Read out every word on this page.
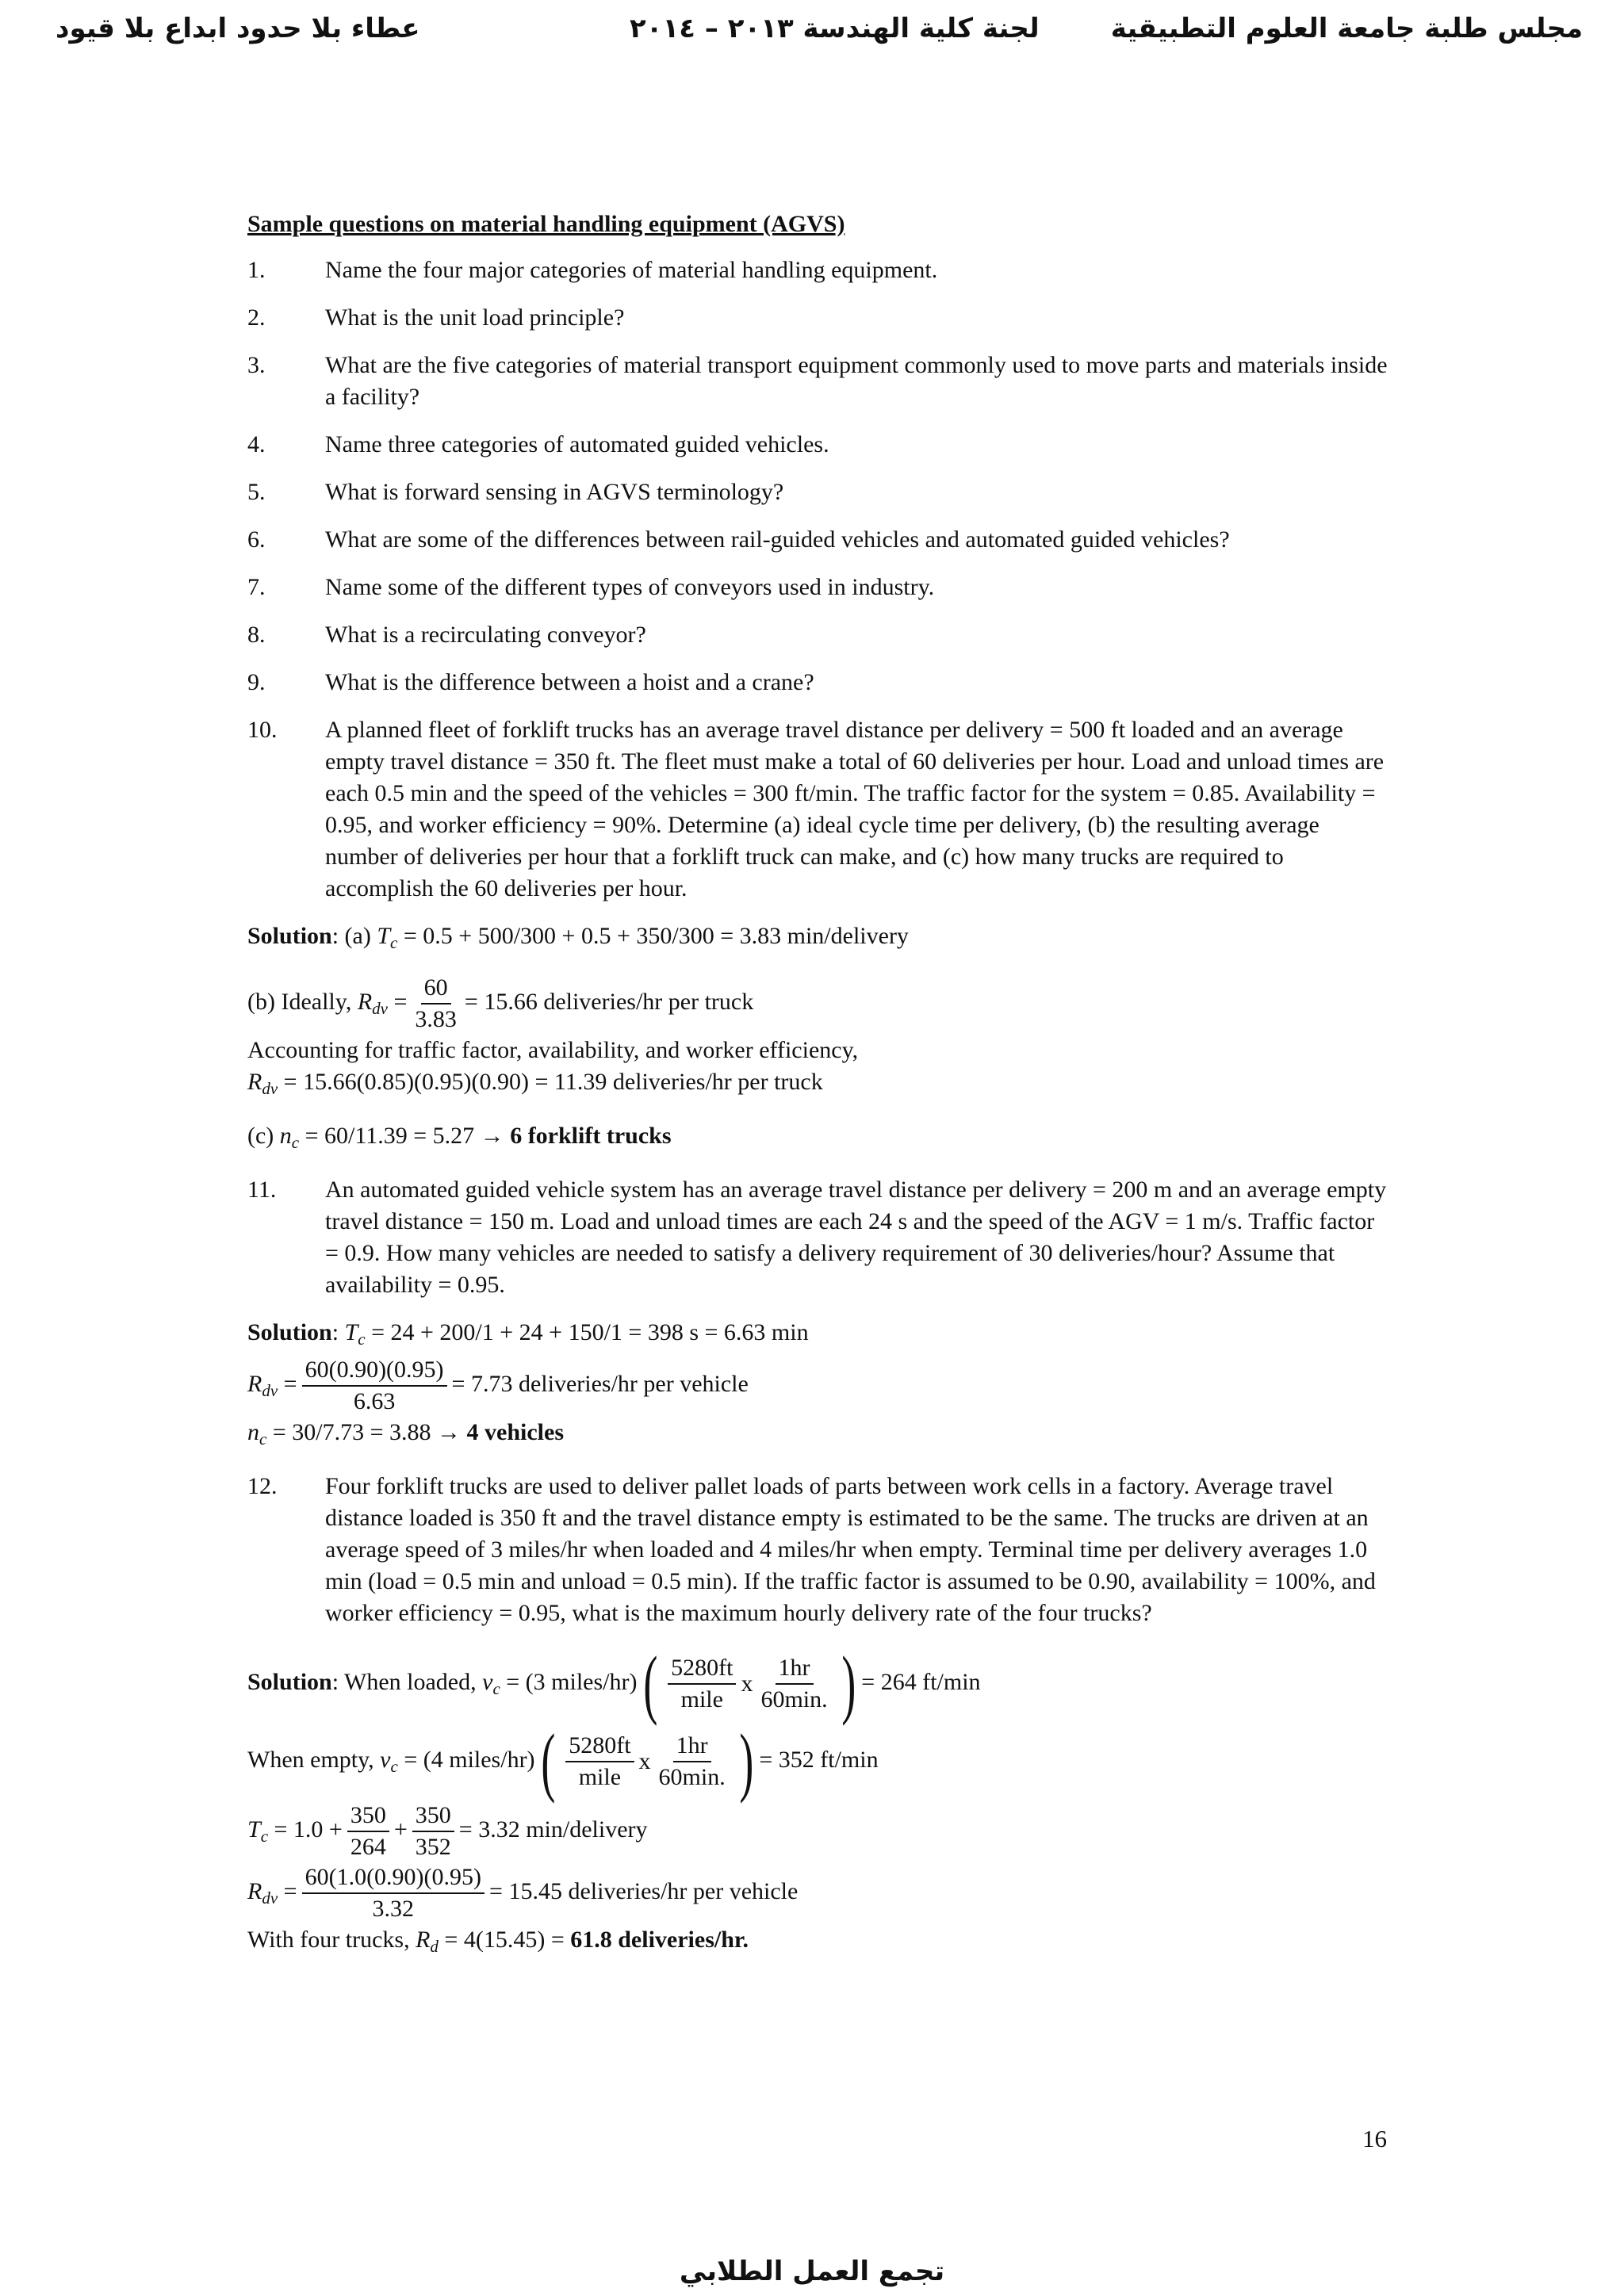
مجلس طلبة جامعة العلوم التطبيقية
لجنة كلية الهندسة ٢٠١٣ – ٢٠١٤
عطاء بلا حدود ابداع بلا قيود
Sample questions on material handling equipment (AGVS)
1.	Name the four major categories of material handling equipment.
2.	What is the unit load principle?
3.	What are the five categories of material transport equipment commonly used to move parts and materials inside a facility?
4.	Name three categories of automated guided vehicles.
5.	What is forward sensing in AGVS terminology?
6.	What are some of the differences between rail-guided vehicles and automated guided vehicles?
7.	Name some of the different types of conveyors used in industry.
8.	What is a recirculating conveyor?
9.	What is the difference between a hoist and a crane?
10.	A planned fleet of forklift trucks has an average travel distance per delivery = 500 ft loaded and an average empty travel distance = 350 ft. The fleet must make a total of 60 deliveries per hour. Load and unload times are each 0.5 min and the speed of the vehicles = 300 ft/min. The traffic factor for the system = 0.85. Availability = 0.95, and worker efficiency = 90%. Determine (a) ideal cycle time per delivery, (b) the resulting average number of deliveries per hour that a forklift truck can make, and (c) how many trucks are required to accomplish the 60 deliveries per hour.
Solution: (a) $T_c = 0.5 + 500/300 + 0.5 + 350/300 = 3.83$ min/delivery
(b) Ideally, $R_{dv} = \frac{60}{3.83} = 15.66$ deliveries/hr per truck
Accounting for traffic factor, availability, and worker efficiency,
$R_{dv} = 15.66(0.85)(0.95)(0.90) = 11.39$ deliveries/hr per truck
(c) $n_c = 60/11.39 = 5.27 \to 6$ forklift trucks
11.	An automated guided vehicle system has an average travel distance per delivery = 200 m and an average empty travel distance = 150 m. Load and unload times are each 24 s and the speed of the AGV = 1 m/s. Traffic factor = 0.9. How many vehicles are needed to satisfy a delivery requirement of 30 deliveries/hour? Assume that availability = 0.95.
Solution: $T_c = 24 + 200/1 + 24 + 150/1 = 398$ s = 6.63 min
$R_{dv} = \frac{60(0.90)(0.95)}{6.63} = 7.73$ deliveries/hr per vehicle
$n_c = 30/7.73 = 3.88 \to 4$ vehicles
12.	Four forklift trucks are used to deliver pallet loads of parts between work cells in a factory. Average travel distance loaded is 350 ft and the travel distance empty is estimated to be the same. The trucks are driven at an average speed of 3 miles/hr when loaded and 4 miles/hr when empty. Terminal time per delivery averages 1.0 min (load = 0.5 min and unload = 0.5 min). If the traffic factor is assumed to be 0.90, availability = 100%, and worker efficiency = 0.95, what is the maximum hourly delivery rate of the four trucks?
Solution: When loaded, $v_c = (3$ miles/hr) ( $\frac{5280ft}{\text{mile}}$ x $\frac{1hr}{60\min.}$ ) = 264 ft/min
When empty, $v_c = (4$ miles/hr) ( $\frac{5280ft}{\text{mile}}$ x $\frac{1hr}{60\min.}$ ) = 352 ft/min
$T_c = 1.0 + \frac{350}{264} + \frac{350}{352} = 3.32$ min/delivery
$R_{dv} = \frac{60(1.0(0.90)(0.95)}{3.32} = 15.45$ deliveries/hr per vehicle
With four trucks, $R_d = 4(15.45) = 61.8$ deliveries/hr.
16
تجمع العمل الطلابي
